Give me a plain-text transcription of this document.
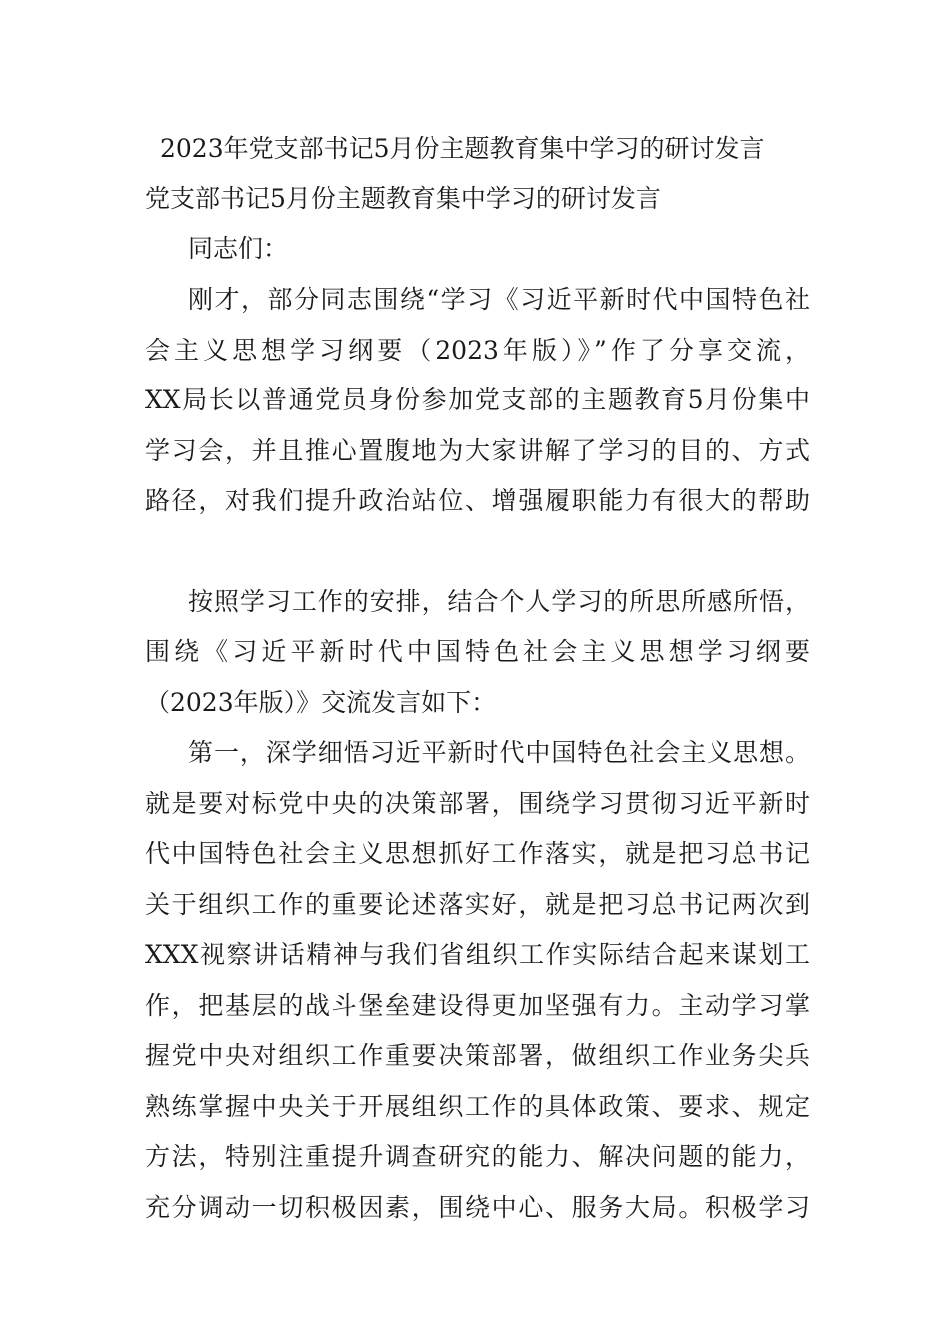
2023年党支部书记5月份主题教育集中学习的研讨发言
党支部书记5月份主题教育集中学习的研讨发言
同志们：
刚才，部分同志围绕“学习《习近平新时代中国特色社
会主义思想学习纲要（2023年版）》”作了分享交流，
XX局长以普通党员身份参加党支部的主题教育5月份集中
学习会，并且推心置腹地为大家讲解了学习的目的、方式
路径，对我们提升政治站位、增强履职能力有很大的帮助
按照学习工作的安排，结合个人学习的所思所感所悟，
围绕《习近平新时代中国特色社会主义思想学习纲要
（2023年版）》交流发言如下：
第一，深学细悟习近平新时代中国特色社会主义思想。
就是要对标党中央的决策部署，围绕学习贯彻习近平新时
代中国特色社会主义思想抓好工作落实，就是把习总书记
关于组织工作的重要论述落实好，就是把习总书记两次到
XXX视察讲话精神与我们省组织工作实际结合起来谋划工
作，把基层的战斗堡垒建设得更加坚强有力。主动学习掌
握党中央对组织工作重要决策部署，做组织工作业务尖兵
熟练掌握中央关于开展组织工作的具体政策、要求、规定
方法，特别注重提升调查研究的能力、解决问题的能力，
充分调动一切积极因素，围绕中心、服务大局。积极学习
